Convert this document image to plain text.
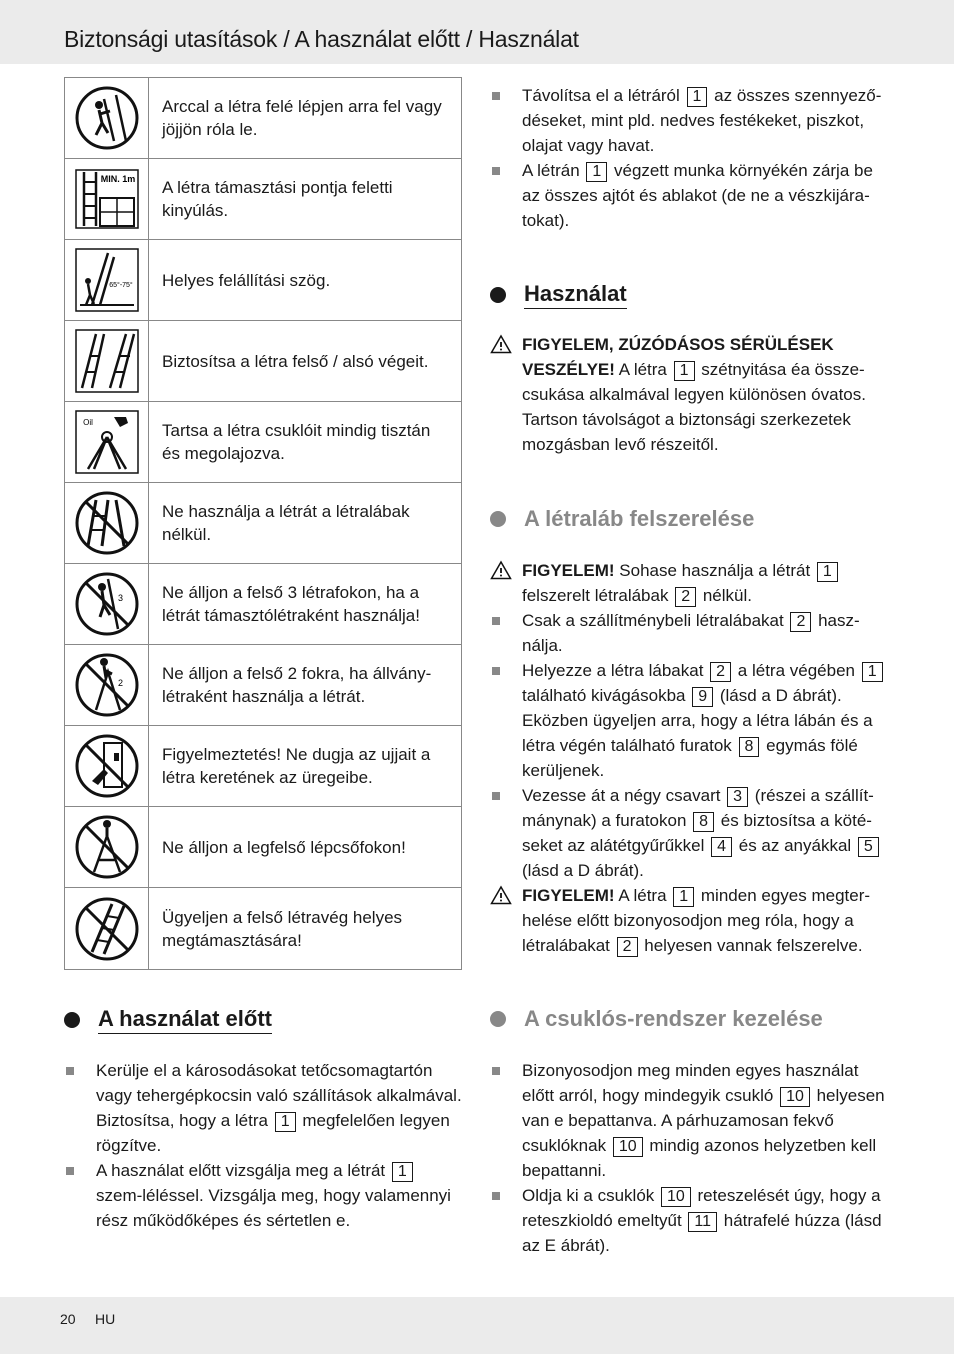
Biztonsági utasítások / A használat előtt / Használat
Arccal a létra felé lépjen arra fel vagy jöjjön róla le.
MIN. 1m	A létra támasztási pontja feletti kinyúlás.
65°-75°	Helyes felállítási szög.
Biztosítsa a létra felső / alsó végeit.
Oil	Tartsa a létra csuklóit mindig tisztán és megolajozva.
Ne használja a létrát a létralábak nélkül.
3	Ne álljon a felső 3 létrafokon, ha a létrát támasztólétraként használja!
2	Ne álljon a felső 2 fokra, ha állvány-létraként használja a létrát.
Figyelmeztetés! Ne dugja az ujjait a létra keretének az üregeibe.
Ne álljon a legfelső lépcsőfokon!
Ügyeljen a felső létravég helyes megtámasztására!
A használat előtt
Kerülje el a károsodásokat tetőcsomagtartón vagy tehergépkocsin való szállítások alkalmával. Biztosítsa, hogy a létra 1 megfelelően legyen rögzítve.
A használat előtt vizsgálja meg a létrát 1 szem-léléssel. Vizsgálja meg, hogy valamennyi rész működőképes és sértetlen e.
Távolítsa el a létráról 1 az összes szennyező-déseket, mint pld. nedves festékeket, piszkot, olajat vagy havat.
A létrán 1 végzett munka környékén zárja be az összes ajtót és ablakot (de ne a vészkijára-tokat).
Használat
FIGYELEM, ZÚZÓDÁSOS SÉRÜLÉSEK VESZÉLYE! A létra 1 szétnyitása éa össze-csukása alkalmával legyen különösen óvatos. Tartson távolságot a biztonsági szerkezetek mozgásban levő részeitől.
A létraláb felszerelése
FIGYELEM! Sohase használja a létrát 1 felszerelt létralábak 2 nélkül.
Csak a szállítménybeli létralábakat 2 hasz-nálja.
Helyezze a létra lábakat 2 a létra végében 1 található kivágásokba 9 (lásd a D ábrát). Eközben ügyeljen arra, hogy a létra lábán és a létra végén található furatok 8 egymás fölé kerüljenek.
Vezesse át a négy csavart 3 (részei a szállít-mánynak) a furatokon 8 és biztosítsa a köté-seket az alátétgyűrűkkel 4 és az anyákkal 5 (lásd a D ábrát).
FIGYELEM! A létra 1 minden egyes megter-helése előtt bizonyosodjon meg róla, hogy a létralábakat 2 helyesen vannak felszerelve.
A csuklós-rendszer kezelése
Bizonyosodjon meg minden egyes használat előtt arról, hogy mindegyik csukló 10 helyesen van e bepattanva. A párhuzamosan fekvő csuklóknak 10 mindig azonos helyzetben kell bepattanni.
Oldja ki a csuklók 10 reteszelését úgy, hogy a reteszkioldó emeltyűt 11 hátrafelé húzza (lásd az E ábrát).
20 HU
